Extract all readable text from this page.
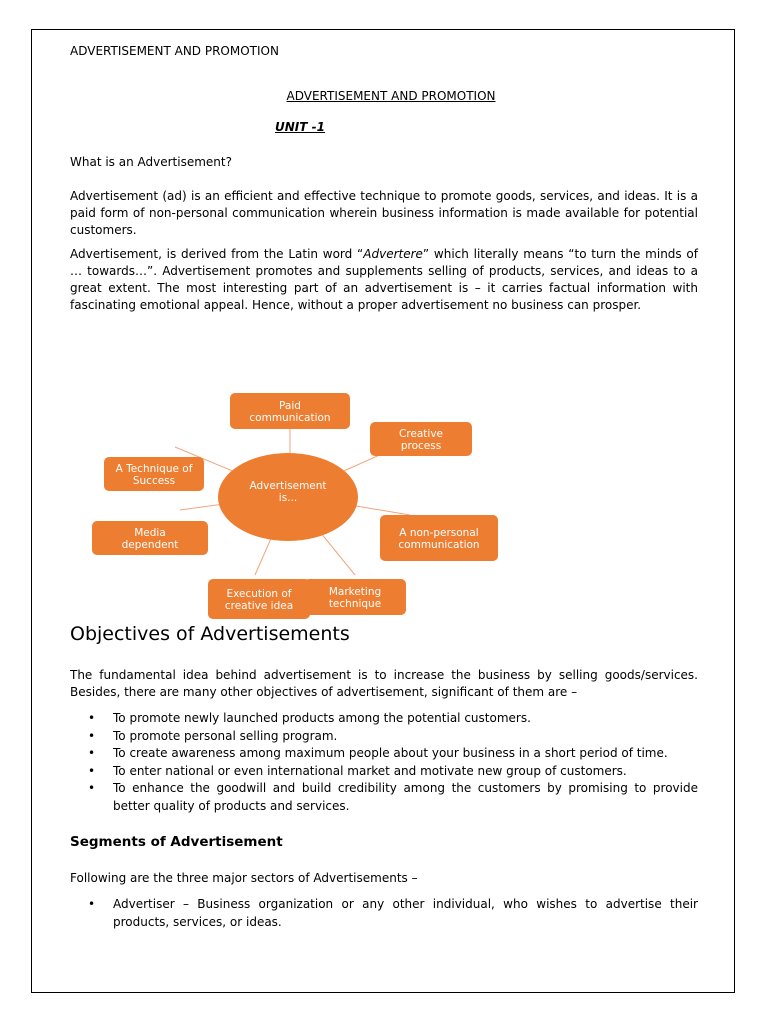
ADVERTISEMENT AND PROMOTION
ADVERTISEMENT AND PROMOTION
UNIT -1
What is an Advertisement?
Advertisement (ad) is an efficient and effective technique to promote goods, services, and ideas. It is a paid form of non-personal communication wherein business information is made available for potential customers.
Advertisement, is derived from the Latin word “Advertere” which literally means “to turn the minds of … towards…”. Advertisement promotes and supplements selling of products, services, and ideas to a great extent. The most interesting part of an advertisement is – it carries factual information with fascinating emotional appeal. Hence, without a proper advertisement no business can prosper.
Advertisement
is...
Paid
communication
Creative
process
A non-personal
communication
Marketing
technique
Execution of
creative idea
Media
dependent
A Technique of
Success
Objectives of Advertisements
The fundamental idea behind advertisement is to increase the business by selling goods/services. Besides, there are many other objectives of advertisement, significant of them are –
• To promote newly launched products among the potential customers.
• To promote personal selling program.
• To create awareness among maximum people about your business in a short period of time.
• To enter national or even international market and motivate new group of customers.
• To enhance the goodwill and build credibility among the customers by promising to provide better quality of products and services.
Segments of Advertisement
Following are the three major sectors of Advertisements –
• Advertiser – Business organization or any other individual, who wishes to advertise their products, services, or ideas.
